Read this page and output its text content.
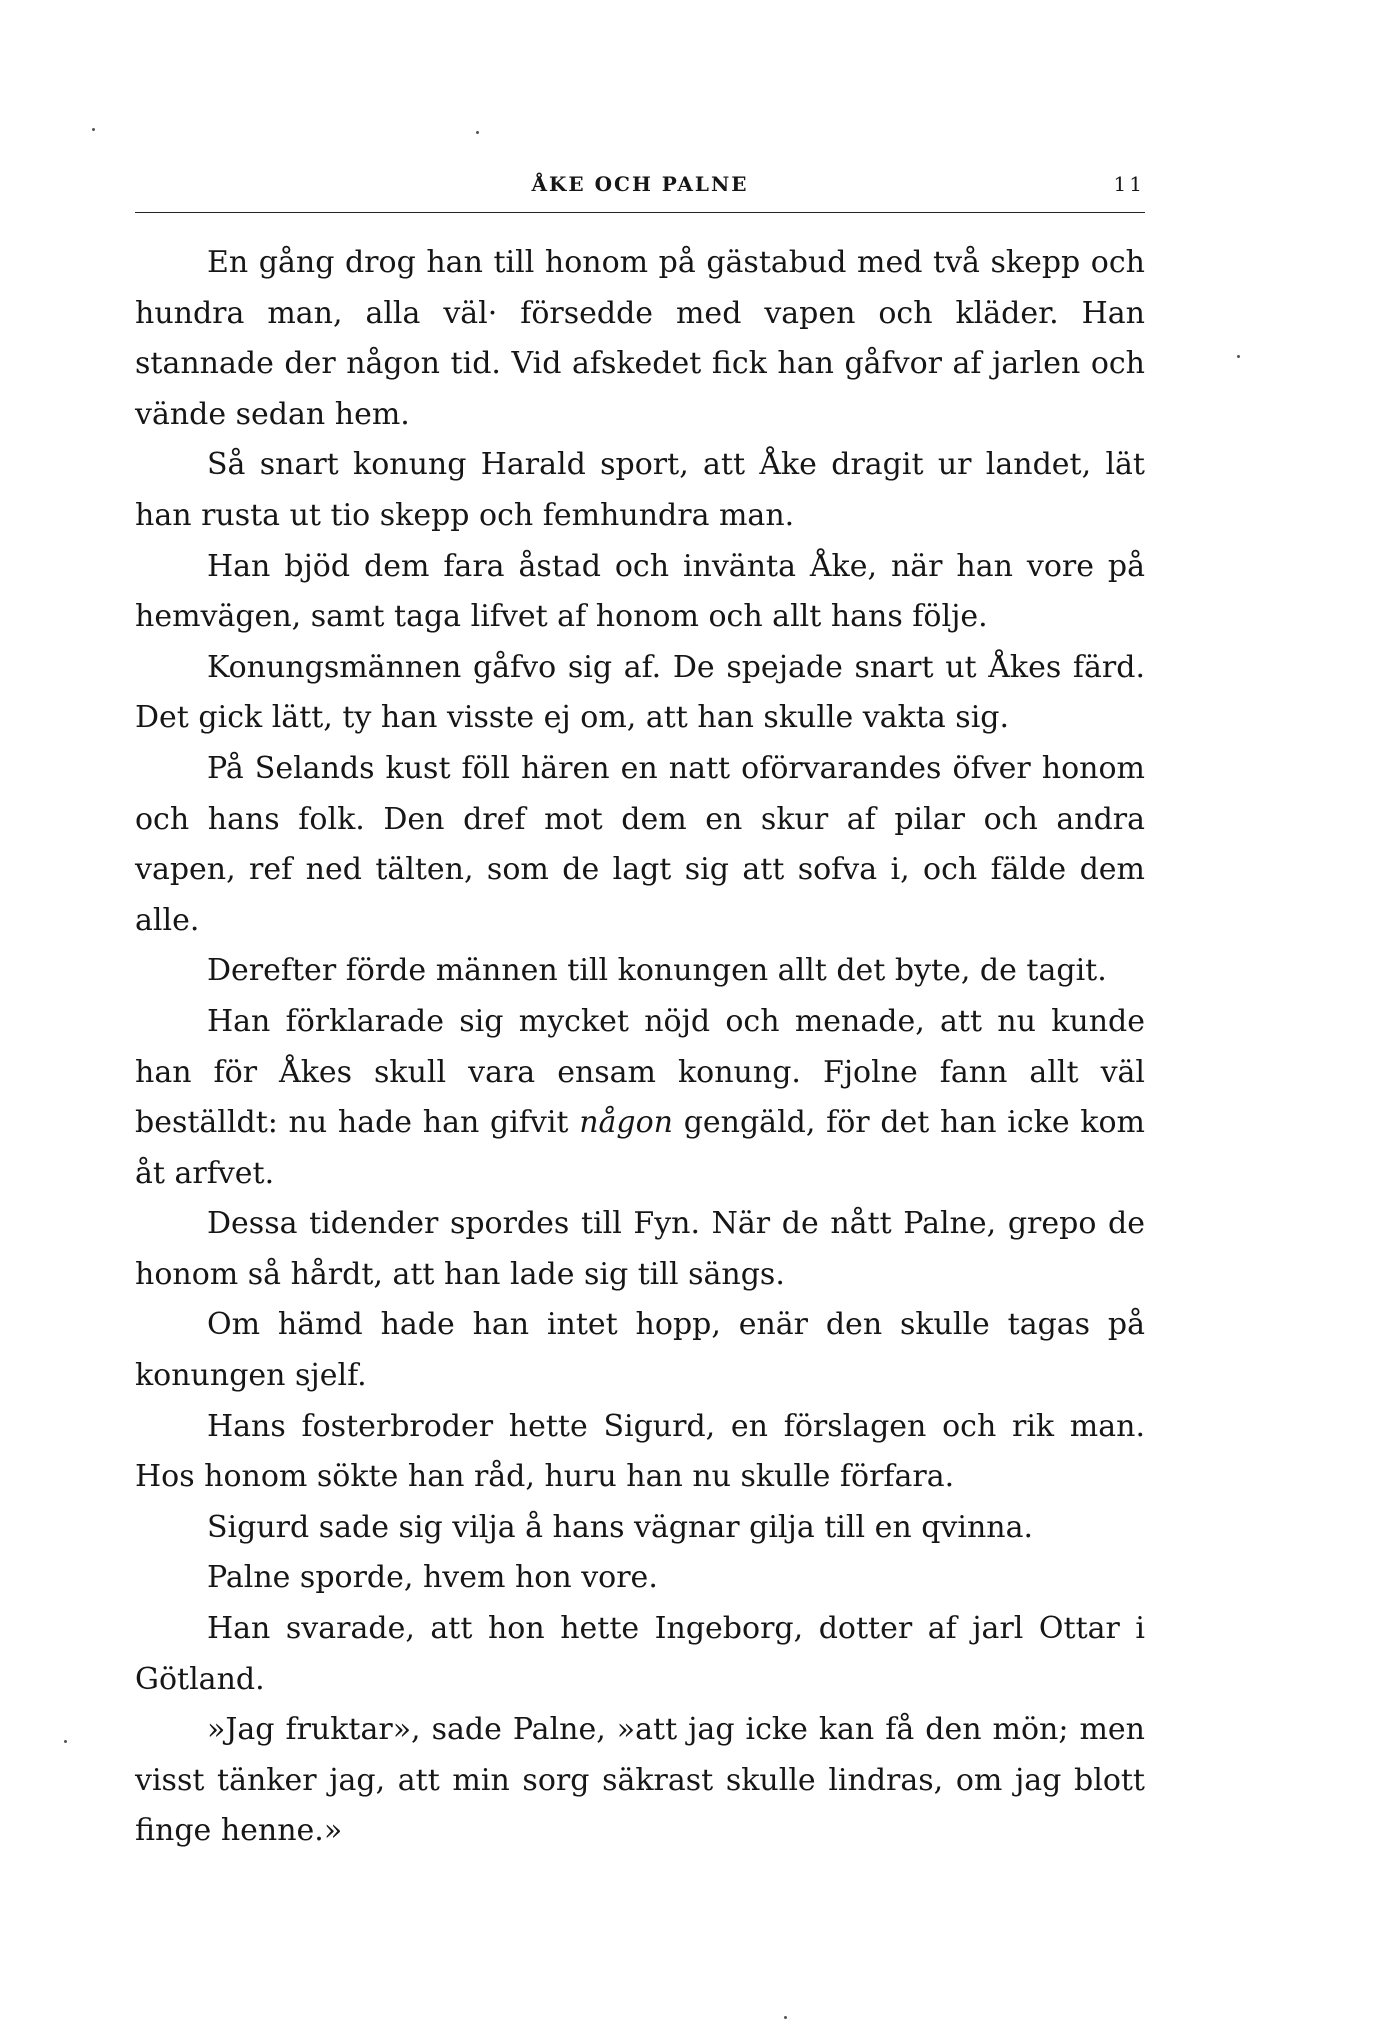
ÅKE OCH PALNE	11

En gång drog han till honom på gästabud med två skepp och hundra man, alla väl· försedde med vapen och kläder. Han stannade der någon tid. Vid afskedet fick han gåfvor af jarlen och vände sedan hem.

Så snart konung Harald sport, att Åke dragit ur landet, lät han rusta ut tio skepp och femhundra man.

Han bjöd dem fara åstad och invänta Åke, när han vore på hemvägen, samt taga lifvet af honom och allt hans följe.

Konungsmännen gåfvo sig af. De spejade snart ut Åkes färd. Det gick lätt, ty han visste ej om, att han skulle vakta sig.

På Selands kust föll hären en natt oförvarandes öfver honom och hans folk. Den dref mot dem en skur af pilar och andra vapen, ref ned tälten, som de lagt sig att sofva i, och fälde dem alle.

Derefter förde männen till konungen allt det byte, de tagit.

Han förklarade sig mycket nöjd och menade, att nu kunde han för Åkes skull vara ensam konung. Fjolne fann allt väl beställdt: nu hade han gifvit någon gengäld, för det han icke kom åt arfvet.

Dessa tidender spordes till Fyn. När de nått Palne, grepo de honom så hårdt, att han lade sig till sängs.

Om hämd hade han intet hopp, enär den skulle tagas på konungen sjelf.

Hans fosterbroder hette Sigurd, en förslagen och rik man. Hos honom sökte han råd, huru han nu skulle förfara.

Sigurd sade sig vilja å hans vägnar gilja till en qvinna.

Palne sporde, hvem hon vore.

Han svarade, att hon hette Ingeborg, dotter af jarl Ottar i Götland.

»Jag fruktar», sade Palne, »att jag icke kan få den mön; men visst tänker jag, att min sorg säkrast skulle lindras, om jag blott finge henne.»
